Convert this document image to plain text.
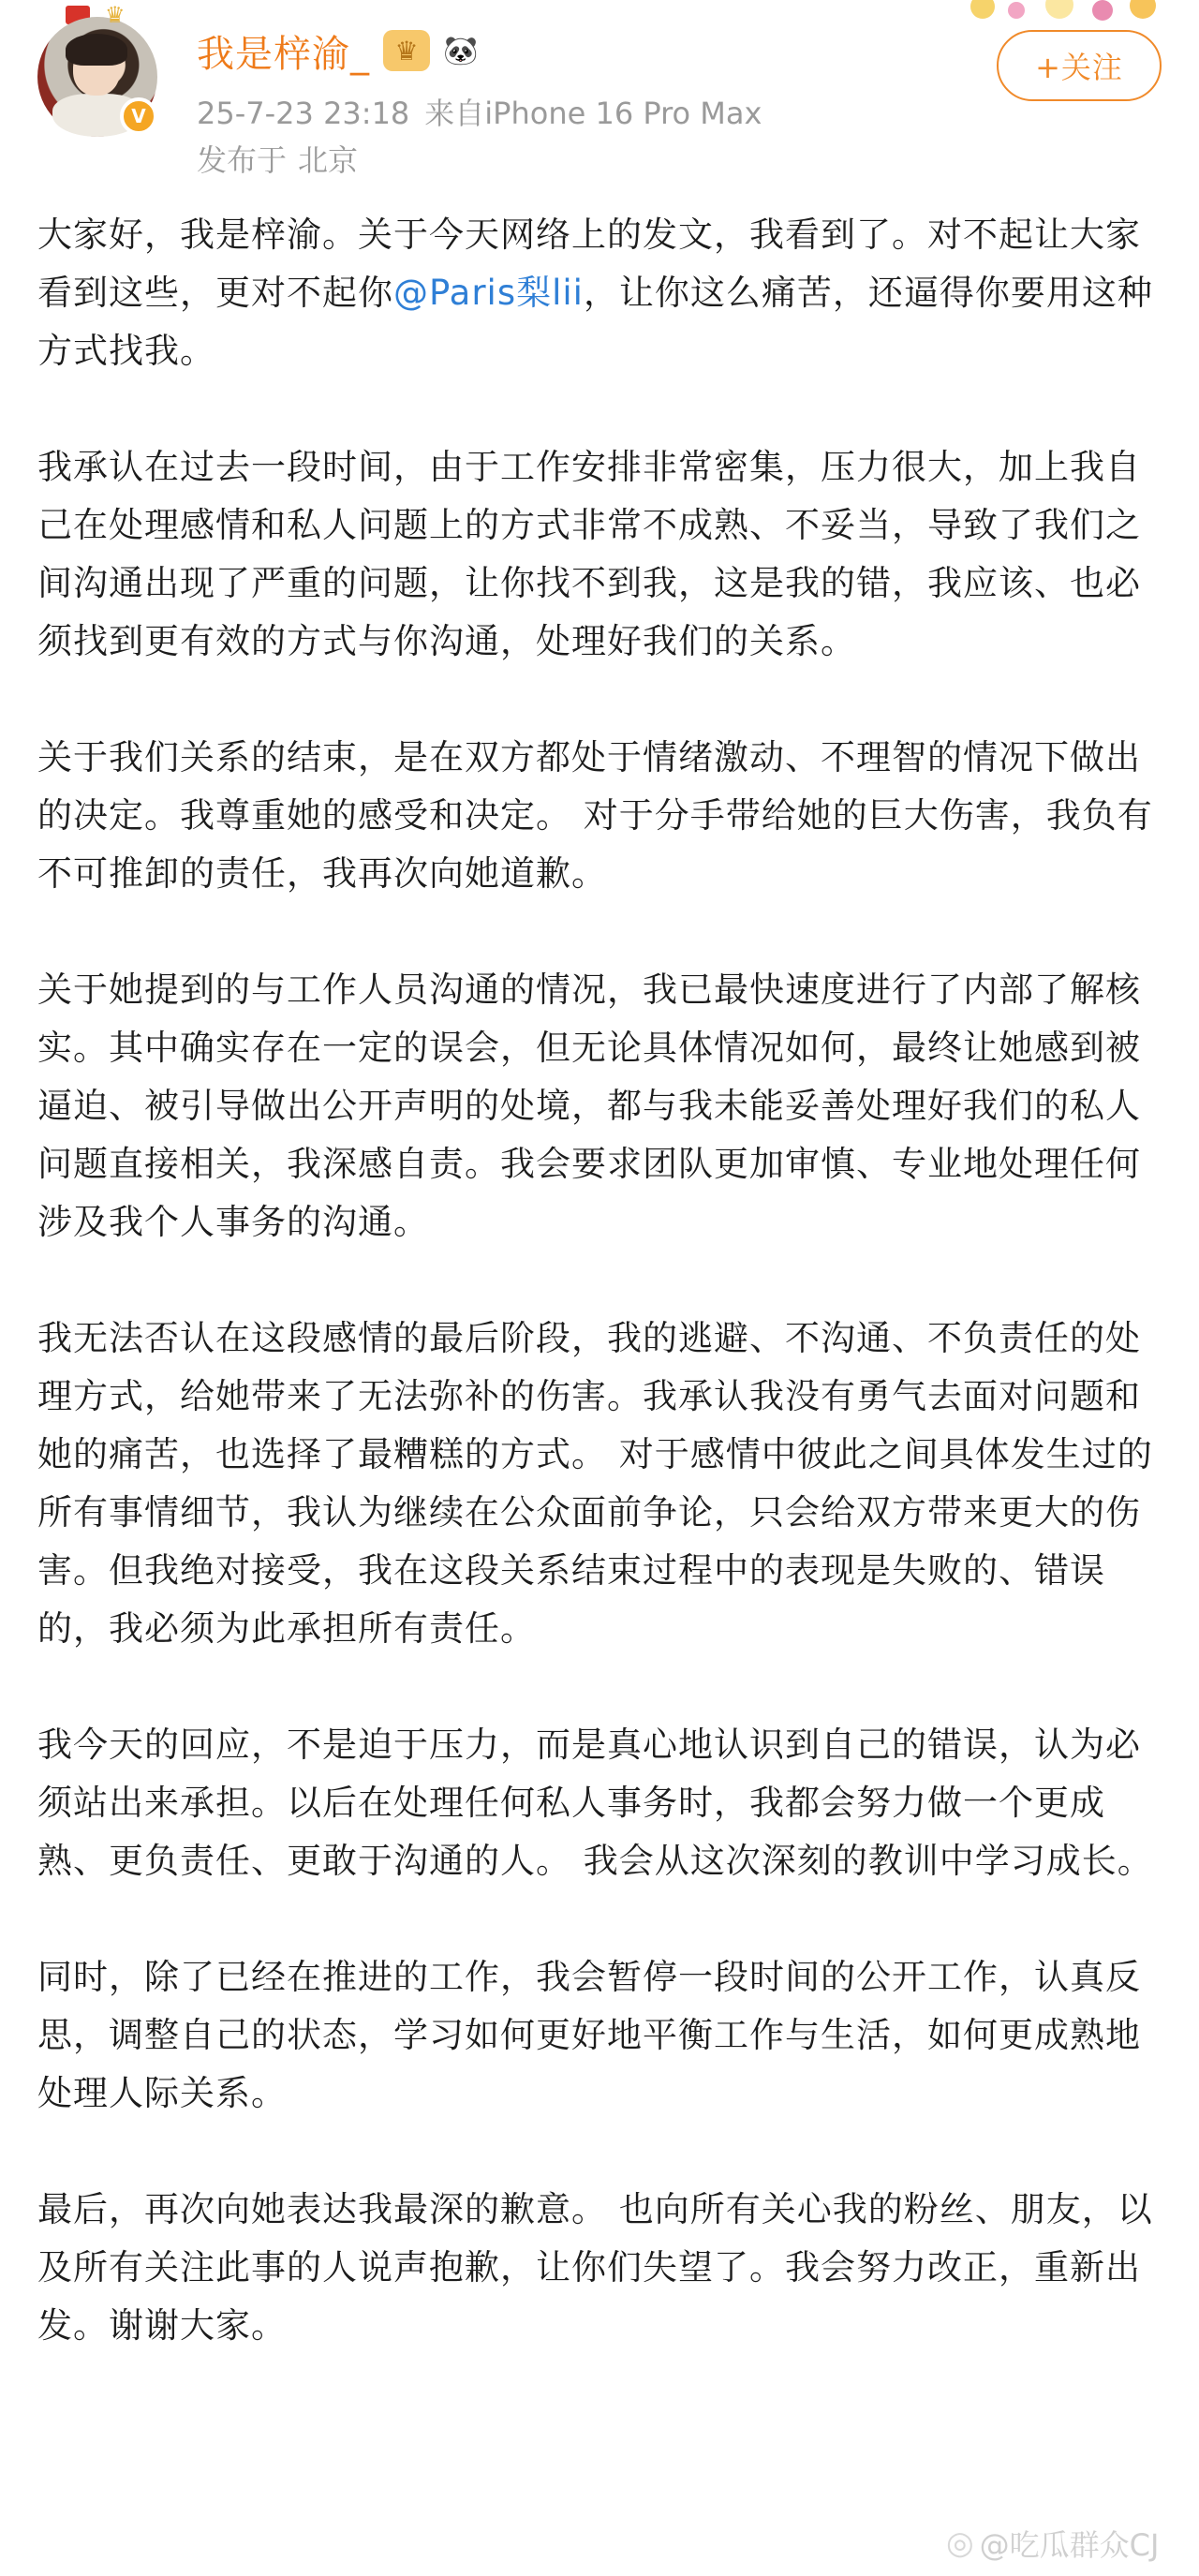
♛
V
我是梓渝_ ♛ 🐼
25-7-23 23:18 来自iPhone 16 Pro Max
发布于 北京
+关注

大家好，我是梓渝。关于今天网络上的发文，我看到了。对不起让大家看到这些，更对不起你@Paris梨lii，让你这么痛苦，还逼得你要用这种方式找我。

我承认在过去一段时间，由于工作安排非常密集，压力很大，加上我自己在处理感情和私人问题上的方式非常不成熟、不妥当，导致了我们之间沟通出现了严重的问题，让你找不到我，这是我的错，我应该、也必须找到更有效的方式与你沟通，处理好我们的关系。

关于我们关系的结束，是在双方都处于情绪激动、不理智的情况下做出的决定。我尊重她的感受和决定。 对于分手带给她的巨大伤害，我负有不可推卸的责任，我再次向她道歉。

关于她提到的与工作人员沟通的情况，我已最快速度进行了内部了解核实。其中确实存在一定的误会，但无论具体情况如何，最终让她感到被逼迫、被引导做出公开声明的处境，都与我未能妥善处理好我们的私人问题直接相关，我深感自责。我会要求团队更加审慎、专业地处理任何涉及我个人事务的沟通。

我无法否认在这段感情的最后阶段，我的逃避、不沟通、不负责任的处理方式，给她带来了无法弥补的伤害。我承认我没有勇气去面对问题和她的痛苦，也选择了最糟糕的方式。 对于感情中彼此之间具体发生过的所有事情细节，我认为继续在公众面前争论，只会给双方带来更大的伤害。但我绝对接受，我在这段关系结束过程中的表现是失败的、错误的，我必须为此承担所有责任。

我今天的回应，不是迫于压力，而是真心地认识到自己的错误，认为必须站出来承担。以后在处理任何私人事务时，我都会努力做一个更成熟、更负责任、更敢于沟通的人。 我会从这次深刻的教训中学习成长。

同时，除了已经在推进的工作，我会暂停一段时间的公开工作，认真反思，调整自己的状态，学习如何更好地平衡工作与生活，如何更成熟地处理人际关系。

最后，再次向她表达我最深的歉意。 也向所有关心我的粉丝、朋友，以及所有关注此事的人说声抱歉，让你们失望了。我会努力改正，重新出发。谢谢大家。

◎ @吃瓜群众CJ
